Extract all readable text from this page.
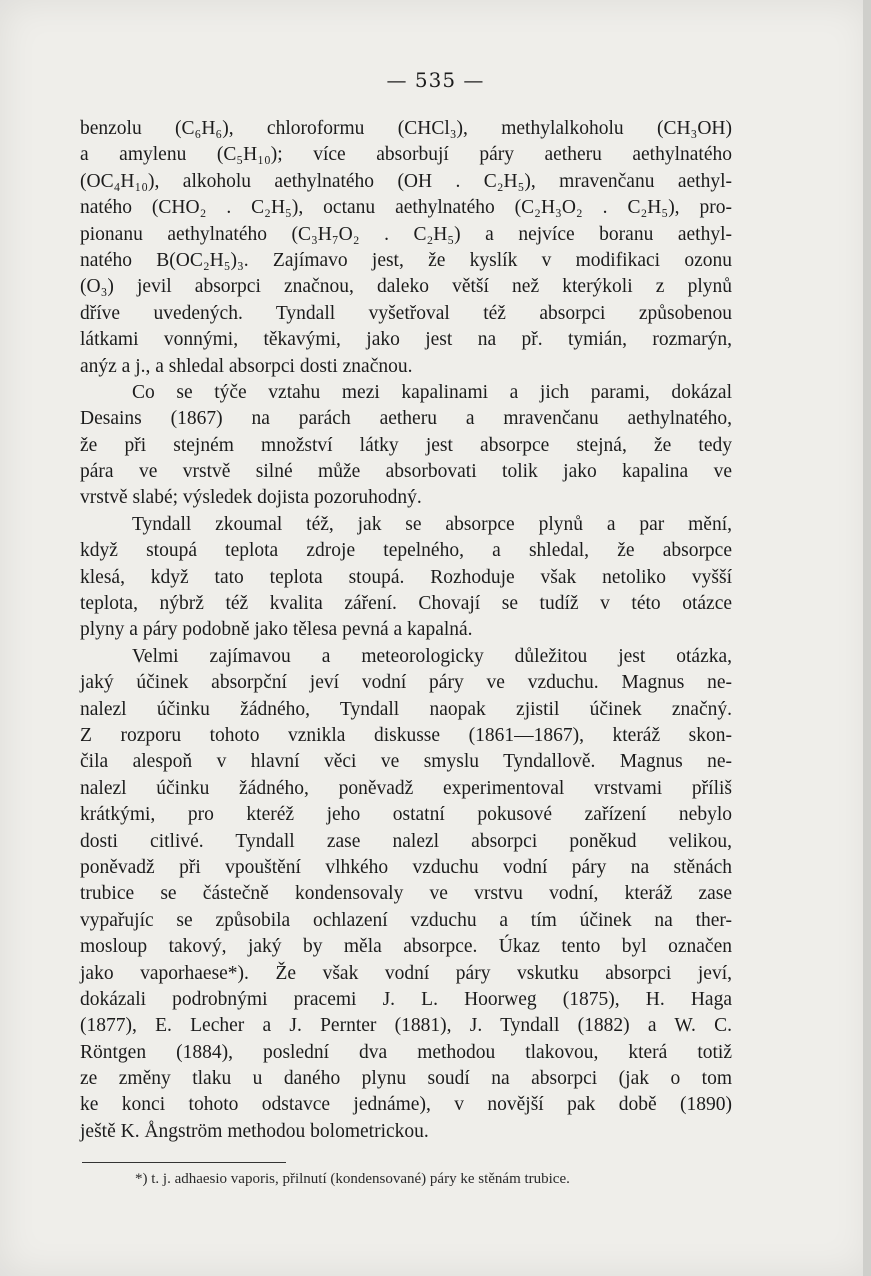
— 535 —
benzolu (C₆H₆), chloroformu (CHCl₃), methylalkoholu (CH₃OH)
a amylenu (C₅H₁₀); více absorbují páry aetheru aethylnatého
(OC₄H₁₀), alkoholu aethylnatého (OH . C₂H₅), mravenčanu aethyl-
natého (CHO₂ . C₂H₅), octanu aethylnatého (C₂H₃O₂ . C₂H₅), pro-
pionanu aethylnatého (C₃H₇O₂ . C₂H₅) a nejvíce boranu aethyl-
natého B(OC₂H₅)₃. Zajímavo jest, že kyslík v modifikaci ozonu
(O₃) jevil absorpci značnou, daleko větší než kterýkoli z plynů
dříve uvedených. Tyndall vyšetřoval též absorpci způsobenou
látkami vonnými, těkavými, jako jest na př. tymián, rozmarýn,
anýz a j., a shledal absorpci dosti značnou.
Co se týče vztahu mezi kapalinami a jich parami, dokázal
Desains (1867) na parách aetheru a mravenčanu aethylnatého,
že při stejném množství látky jest absorpce stejná, že tedy
pára ve vrstvě silné může absorbovati tolik jako kapalina ve
vrstvě slabé; výsledek dojista pozoruhodný.
Tyndall zkoumal též, jak se absorpce plynů a par mění,
když stoupá teplota zdroje tepelného, a shledal, že absorpce
klesá, když tato teplota stoupá. Rozhoduje však netoliko vyšší
teplota, nýbrž též kvalita záření. Chovají se tudíž v této otázce
plyny a páry podobně jako tělesa pevná a kapalná.
Velmi zajímavou a meteorologicky důležitou jest otázka,
jaký účinek absorpční jeví vodní páry ve vzduchu. Magnus ne-
nalezl účinku žádného, Tyndall naopak zjistil účinek značný.
Z rozporu tohoto vznikla diskusse (1861—1867), kteráž skon-
čila alespoň v hlavní věci ve smyslu Tyndallově. Magnus ne-
nalezl účinku žádného, poněvadž experimentoval vrstvami příliš
krátkými, pro kteréž jeho ostatní pokusové zařízení nebylo
dosti citlivé. Tyndall zase nalezl absorpci poněkud velikou,
poněvadž při vpouštění vlhkého vzduchu vodní páry na stěnách
trubice se částečně kondensovaly ve vrstvu vodní, kteráž zase
vypařujíc se způsobila ochlazení vzduchu a tím účinek na ther-
mosloup takový, jaký by měla absorpce. Úkaz tento byl označen
jako vaporhaese*). Že však vodní páry vskutku absorpci jeví,
dokázali podrobnými pracemi J. L. Hoorweg (1875), H. Haga
(1877), E. Lecher a J. Pernter (1881), J. Tyndall (1882) a W. C.
Röntgen (1884), poslední dva methodou tlakovou, která totiž
ze změny tlaku u daného plynu soudí na absorpci (jak o tom
ke konci tohoto odstavce jednáme), v novější pak době (1890)
ještě K. Ångström methodou bolometrickou.
*) t. j. adhaesio vaporis, přilnutí (kondensované) páry ke stěnám trubice.
